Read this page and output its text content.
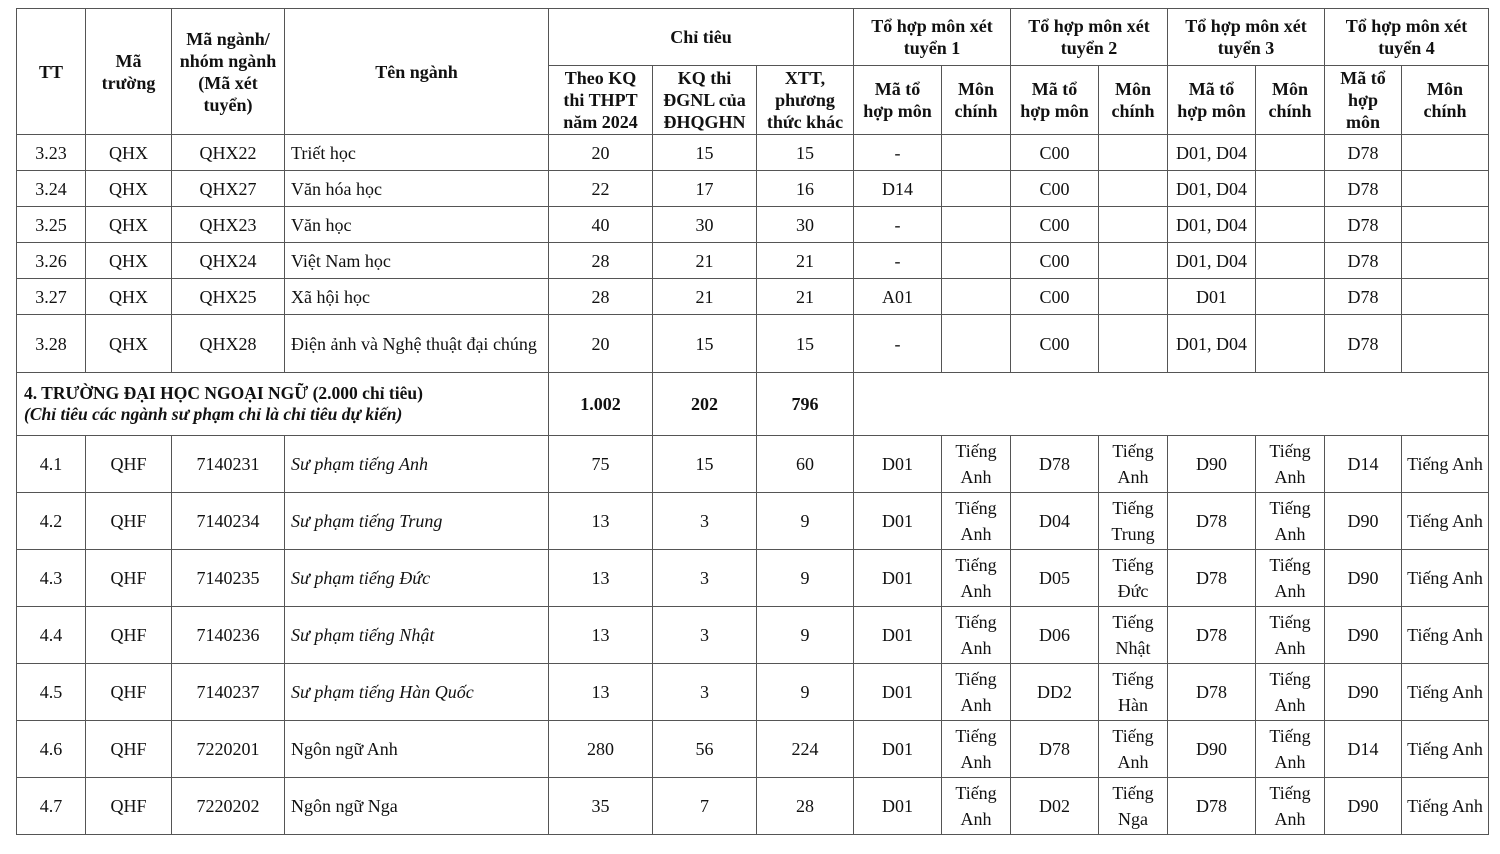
TT	Mã trường	Mã ngành/ nhóm ngành (Mã xét tuyển)	Tên ngành	Chỉ tiêu			Tổ hợp môn xét tuyển 1		Tổ hợp môn xét tuyển 2		Tổ hợp môn xét tuyển 3		Tổ hợp môn xét tuyển 4	
				Theo KQ thi THPT năm 2024	KQ thi ĐGNL của ĐHQGHN	XTT, phương thức khác	Mã tổ hợp môn	Môn chính	Mã tổ hợp môn	Môn chính	Mã tổ hợp môn	Môn chính	Mã tổ hợp môn	Môn chính
3.23	QHX	QHX22	Triết học	20	15	15	-		C00		D01, D04		D78	
3.24	QHX	QHX27	Văn hóa học	22	17	16	D14		C00		D01, D04		D78	
3.25	QHX	QHX23	Văn học	40	30	30	-		C00		D01, D04		D78	
3.26	QHX	QHX24	Việt Nam học	28	21	21	-		C00		D01, D04		D78	
3.27	QHX	QHX25	Xã hội học	28	21	21	A01		C00		D01		D78	
3.28	QHX	QHX28	Điện ảnh và Nghệ thuật đại chúng	20	15	15	-		C00		D01, D04		D78	

4. TRƯỜNG ĐẠI HỌC NGOẠI NGỮ (2.000 chỉ tiêu)
(Chỉ tiêu các ngành sư phạm chỉ là chỉ tiêu dự kiến)				1.002	202	796								
4.1	QHF	7140231	Sư phạm tiếng Anh	75	15	60	D01	Tiếng Anh	D78	Tiếng Anh	D90	Tiếng Anh	D14	Tiếng Anh
4.2	QHF	7140234	Sư phạm tiếng Trung	13	3	9	D01	Tiếng Anh	D04	Tiếng Trung	D78	Tiếng Anh	D90	Tiếng Anh
4.3	QHF	7140235	Sư phạm tiếng Đức	13	3	9	D01	Tiếng Anh	D05	Tiếng Đức	D78	Tiếng Anh	D90	Tiếng Anh
4.4	QHF	7140236	Sư phạm tiếng Nhật	13	3	9	D01	Tiếng Anh	D06	Tiếng Nhật	D78	Tiếng Anh	D90	Tiếng Anh
4.5	QHF	7140237	Sư phạm tiếng Hàn Quốc	13	3	9	D01	Tiếng Anh	DD2	Tiếng Hàn	D78	Tiếng Anh	D90	Tiếng Anh
4.6	QHF	7220201	Ngôn ngữ Anh	280	56	224	D01	Tiếng Anh	D78	Tiếng Anh	D90	Tiếng Anh	D14	Tiếng Anh
4.7	QHF	7220202	Ngôn ngữ Nga	35	7	28	D01	Tiếng Anh	D02	Tiếng Nga	D78	Tiếng Anh	D90	Tiếng Anh
